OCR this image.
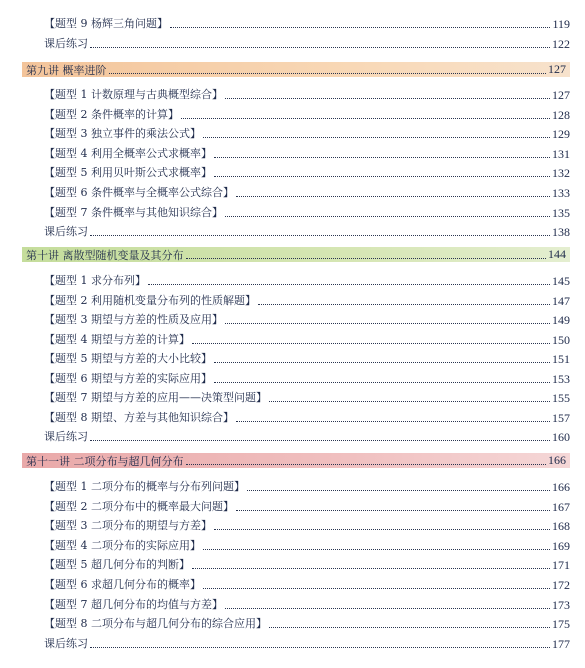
【题型 9 杨辉三角问题】	119
课后练习	122
第九讲 概率进阶	127
【题型 1 计数原理与古典概型综合】	127
【题型 2 条件概率的计算】	128
【题型 3 独立事件的乘法公式】	129
【题型 4 利用全概率公式求概率】	131
【题型 5 利用贝叶斯公式求概率】	132
【题型 6 条件概率与全概率公式综合】	133
【题型 7 条件概率与其他知识综合】	135
课后练习	138
第十讲 离散型随机变量及其分布	144
【题型 1 求分布列】	145
【题型 2 利用随机变量分布列的性质解题】	147
【题型 3 期望与方差的性质及应用】	149
【题型 4 期望与方差的计算】	150
【题型 5 期望与方差的大小比较】	151
【题型 6 期望与方差的实际应用】	153
【题型 7 期望与方差的应用——决策型问题】	155
【题型 8 期望、方差与其他知识综合】	157
课后练习	160
第十一讲 二项分布与超几何分布	166
【题型 1 二项分布的概率与分布列问题】	166
【题型 2 二项分布中的概率最大问题】	167
【题型 3 二项分布的期望与方差】	168
【题型 4 二项分布的实际应用】	169
【题型 5 超几何分布的判断】	171
【题型 6 求超几何分布的概率】	172
【题型 7 超几何分布的均值与方差】	173
【题型 8 二项分布与超几何分布的综合应用】	175
课后练习	177
